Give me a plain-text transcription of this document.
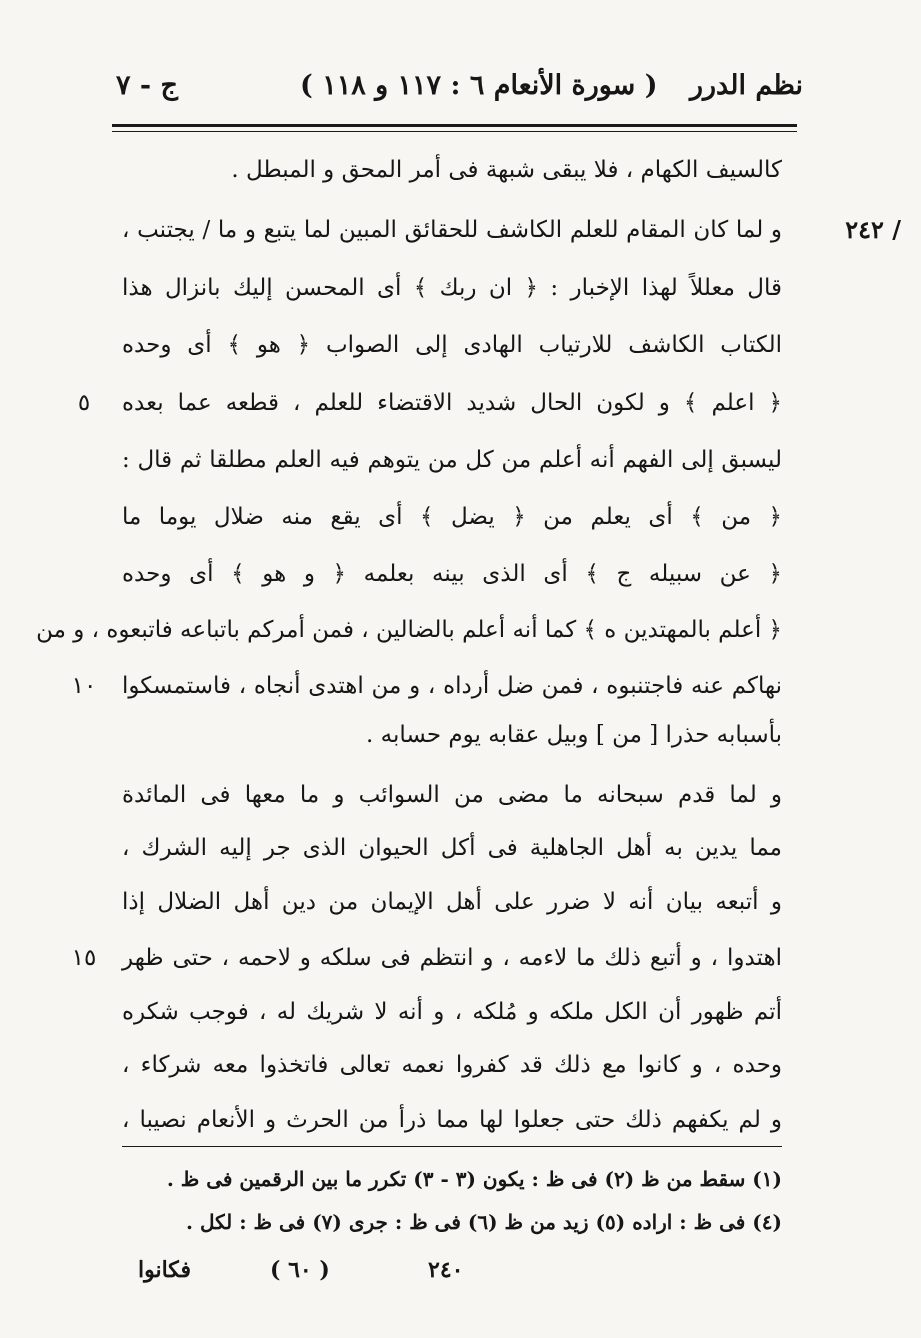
نظم الدرر
( سورة الأنعام ٦ : ١١٧ و ١١٨ )
ج - ٧
٢٤٢ /
كالسيف الكهام ، فلا يبقى شبهة فى أمر المحق و المبطل .
و لما كان المقام للعلم الكاشف للحقائق المبين لما يتبع و ما / يجتنب ،
قال معللاً لهذا الإخبار : ﴿ ان ربك ﴾ أى المحسن إليك بانزال هذا
الكتاب الكاشف للارتياب الهادى إلى الصواب ﴿ هو ﴾ أى وحده
﴿ اعلم ﴾ و لكون الحال شديد الاقتضاء للعلم ، قطعه عما بعده
٥
ليسبق إلى الفهم أنه أعلم من كل من يتوهم فيه العلم مطلقا ثم قال :
﴿ من ﴾ أى يعلم من ﴿ يضل ﴾ أى يقع منه ضلال يوما ما
﴿ عن سبيله ج ﴾ أى الذى بينه بعلمه ﴿ و هو ﴾ أى وحده
﴿ أعلم بالمهتدين ه ﴾ كما أنه أعلم بالضالين ، فمن أمركم باتباعه فاتبعوه ، و من
نهاكم عنه فاجتنبوه ، فمن ضل أرداه ، و من اهتدى أنجاه ، فاستمسكوا
١٠
بأسبابه حذرا [ من ] وبيل عقابه يوم حسابه .
و لما قدم سبحانه ما مضى من السوائب و ما معها فى المائدة
مما يدين به أهل الجاهلية فى أكل الحيوان الذى جر إليه الشرك ،
و أتبعه بيان أنه لا ضرر على أهل الإيمان من دين أهل الضلال إذا
اهتدوا ، و أتبع ذلك ما لاءمه ، و انتظم فى سلكه و لاحمه ، حتى ظهر
١٥
أتم ظهور أن الكل ملكه و مُلكه ، و أنه لا شريك له ، فوجب شكره
وحده ، و كانوا مع ذلك قد كفروا نعمه تعالى فاتخذوا معه شركاء ،
و لم يكفهم ذلك حتى جعلوا لها مما ذرأ من الحرث و الأنعام نصيبا ،
(١) سقط من ظ (٢) فى ظ : يكون (٣ - ٣) تكرر ما بين الرقمين فى ظ .
(٤) فى ظ : اراده (٥) زيد من ظ (٦) فى ظ : جرى (٧) فى ظ : لكل .
فكانوا	( ٦٠ )	٢٤٠
